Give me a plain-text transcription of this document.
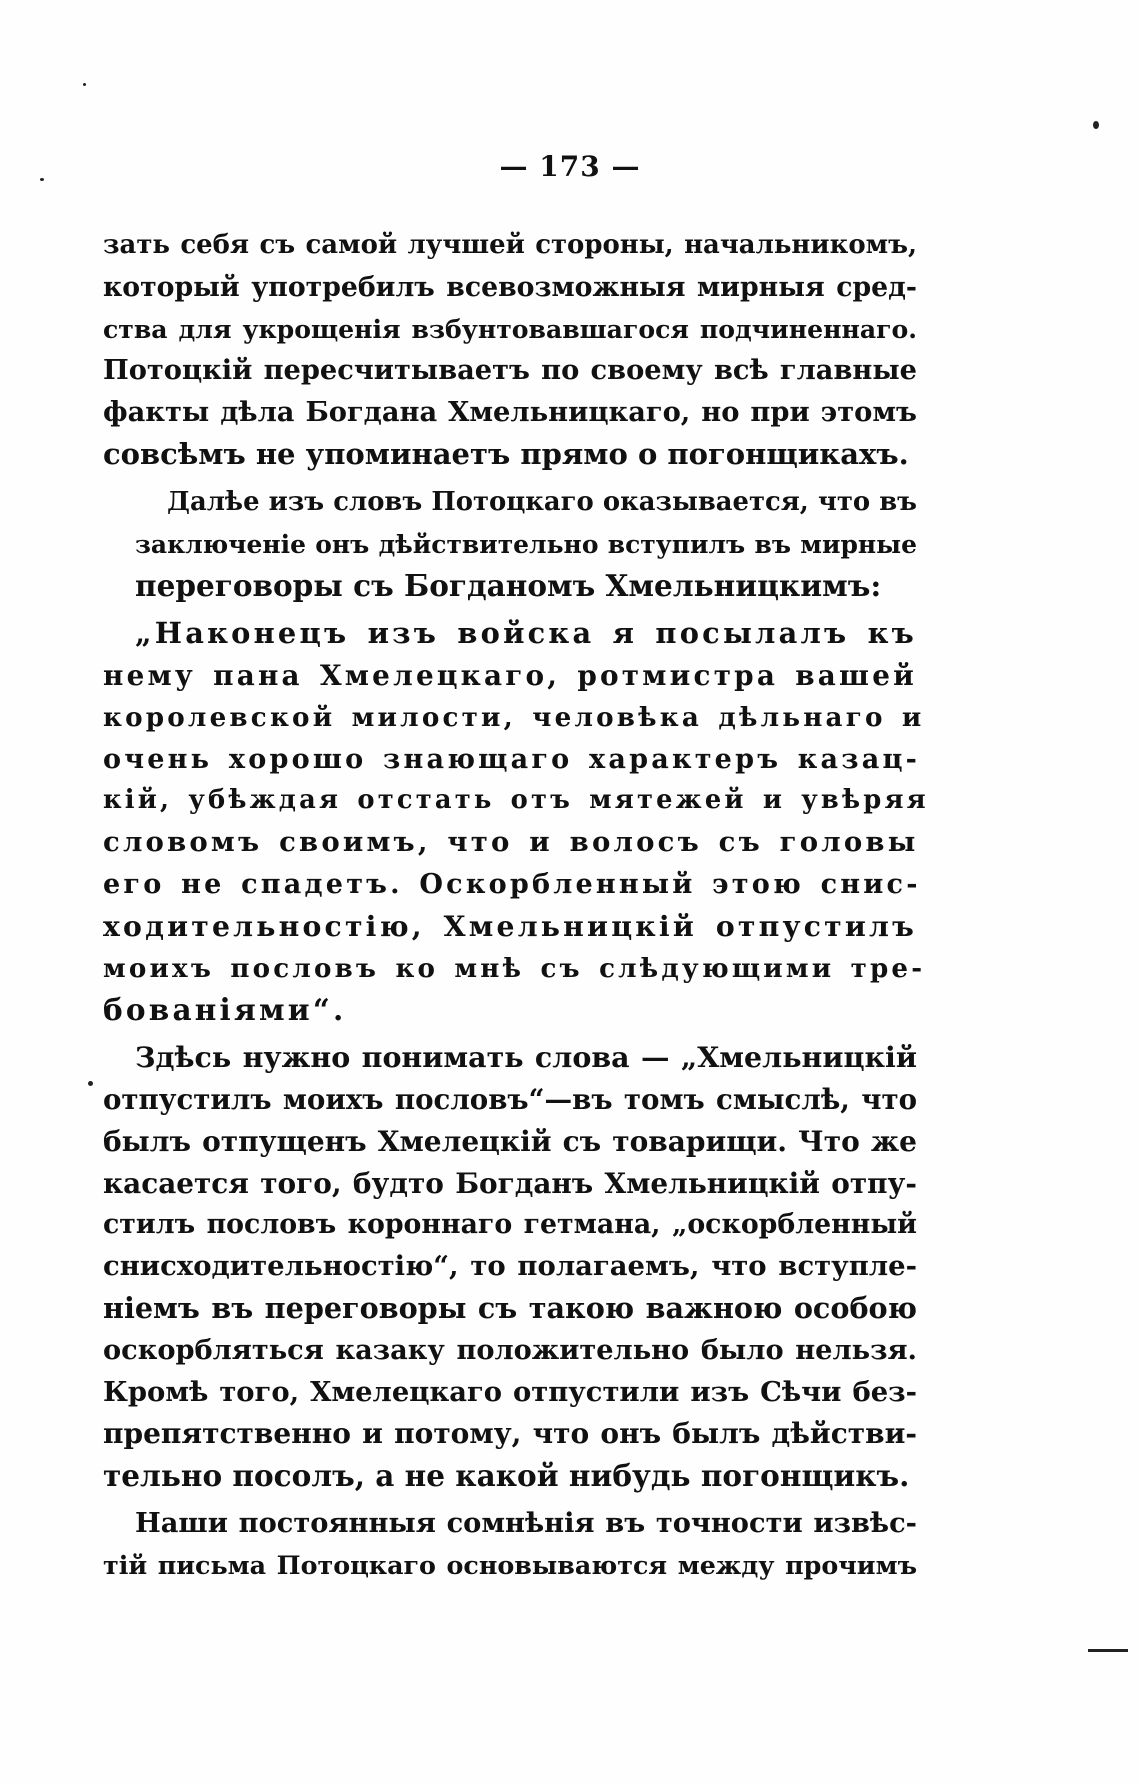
— 173 —
зать себя съ самой лучшей стороны, начальникомъ,
который употребилъ всевозможныя мирныя сред-
ства для укрощенія взбунтовавшагося подчиненнаго.
Потоцкій пересчитываетъ по своему всѣ главные
факты дѣла Богдана Хмельницкаго, но при этомъ
совсѣмъ не упоминаетъ прямо о погонщикахъ.
Далѣе изъ словъ Потоцкаго оказывается, что въ
заключеніе онъ дѣйствительно вступилъ въ мирные
переговоры съ Богданомъ Хмельницкимъ:
„Наконецъ изъ войска я посылалъ къ
нему пана Хмелецкаго, ротмистра вашей
королевской милости, человѣка дѣльнаго и
очень хорошо знающаго характеръ казац-
кій, убѣждая отстать отъ мятежей и увѣряя
словомъ своимъ, что и волосъ съ головы
его не спадетъ. Оскорбленный этою снис-
ходительностію, Хмельницкій отпустилъ
моихъ пословъ ко мнѣ съ слѣдующими тре-
бованіями“.
Здѣсь нужно понимать слова — „Хмельницкій
отпустилъ моихъ пословъ“—въ томъ смыслѣ, что
былъ отпущенъ Хмелецкій съ товарищи. Что же
касается того, будто Богданъ Хмельницкій отпу-
стилъ пословъ короннаго гетмана, „оскорбленный
снисходительностію“, то полагаемъ, что вступле-
ніемъ въ переговоры съ такою важною особою
оскорбляться казаку положительно было нельзя.
Кромѣ того, Хмелецкаго отпустили изъ Сѣчи без-
препятственно и потому, что онъ былъ дѣйстви-
тельно посолъ, а не какой нибудь погонщикъ.
Наши постоянныя сомнѣнія въ точности извѣс-
тій письма Потоцкаго основываются между прочимъ
